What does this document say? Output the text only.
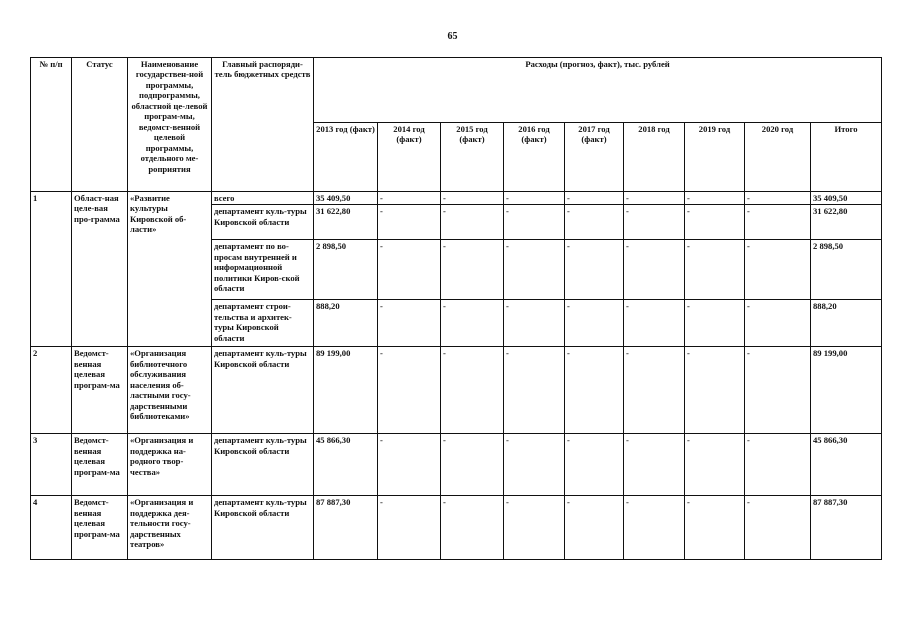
65
№ п/п	Статус	Наименование государствен-ной программы, подпрограммы, областной це-левой програм-мы, ведомст-венной целевой программы, отдельного ме-роприятия	Главный распоряди-тель бюджетных средств	Расходы (прогноз, факт), тыс. рублей								
				2013 год (факт)	2014 год (факт)	2015 год (факт)	2016 год (факт)	2017 год (факт)	2018 год	2019 год	2020 год	Итого
1	Област-ная целе-вая про-грамма	«Развитие культуры Кировской об-ласти»	всего	35 409,50	-	-	-	-	-	-	-	35 409,50
			департамент куль-туры Кировской области	31 622,80	-	-	-	-	-	-	-	31 622,80
			департамент по во-просам внутренней и информационной политики Киров-ской области	2 898,50	-	-	-	-	-	-	-	2 898,50
			департамент строи-тельства и архитек-туры Кировской области	888,20	-	-	-	-	-	-	-	888,20
2	Ведомст-венная целевая програм-ма	«Организация библиотечного обслуживания населения об-ластными госу-дарственными библиотеками»	департамент куль-туры Кировской области	89 199,00	-	-	-	-	-	-	-	89 199,00
3	Ведомст-венная целевая програм-ма	«Организация и поддержка на-родного твор-чества»	департамент куль-туры Кировской области	45 866,30	-	-	-	-	-	-	-	45 866,30
4	Ведомст-венная целевая програм-ма	«Организация и поддержка дея-тельности госу-дарственных театров»	департамент куль-туры Кировской области	87 887,30	-	-	-	-	-	-	-	87 887,30
